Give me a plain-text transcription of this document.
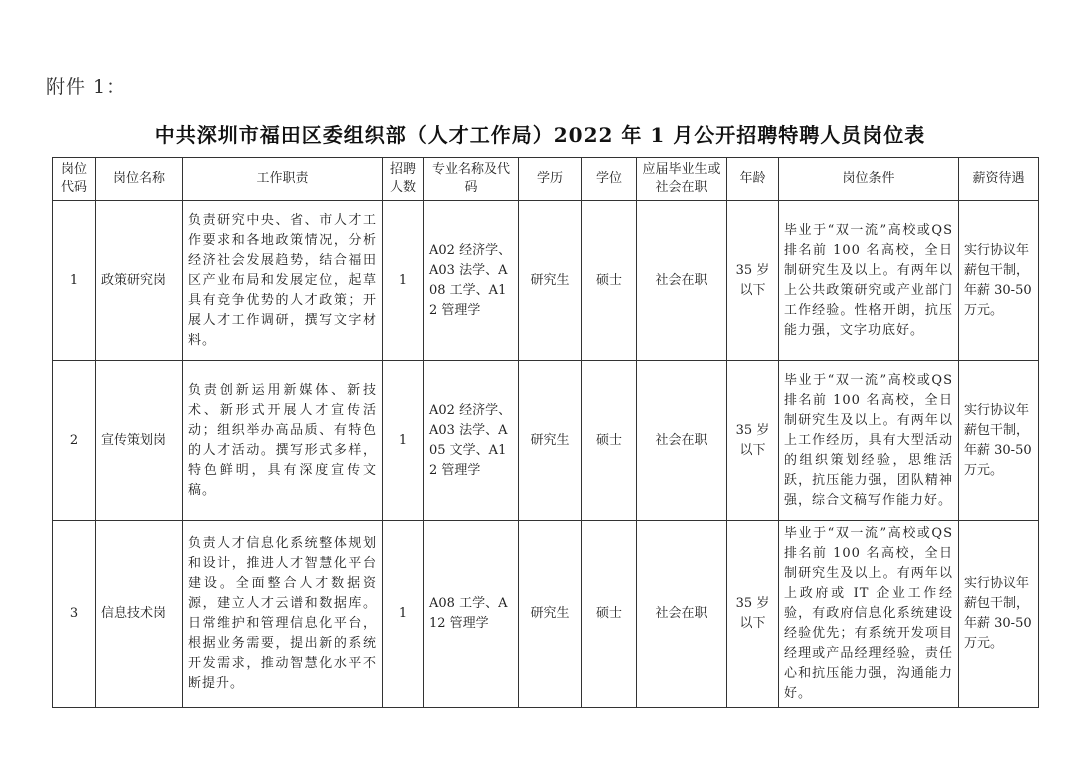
附件 1：
中共深圳市福田区委组织部（人才工作局）2022 年 1 月公开招聘特聘人员岗位表
岗位代码	岗位名称	工作职责	招聘人数	专业名称及代码	学历	学位	应届毕业生或社会在职	年龄	岗位条件	薪资待遇
1	政策研究岗	负责研究中央、省、市人才工作要求和各地政策情况，分析经济社会发展趋势，结合福田区产业布局和发展定位，起草具有竞争优势的人才政策；开展人才工作调研，撰写文字材料。	1	A02 经济学、A03 法学、A08 工学、A12 管理学	研究生	硕士	社会在职	35 岁以下	毕业于“双一流”高校或QS 排名前 100 名高校，全日制研究生及以上。有两年以上公共政策研究或产业部门工作经验。性格开朗，抗压能力强，文字功底好。	实行协议年薪包干制，年薪 30-50 万元。
2	宣传策划岗	负责创新运用新媒体、新技术、新形式开展人才宣传活动；组织举办高品质、有特色的人才活动。撰写形式多样，特色鲜明，具有深度宣传文稿。	1	A02 经济学、A03 法学、A05 文学、A12 管理学	研究生	硕士	社会在职	35 岁以下	毕业于“双一流”高校或QS 排名前 100 名高校，全日制研究生及以上。有两年以上工作经历，具有大型活动的组织策划经验，思维活跃，抗压能力强，团队精神强，综合文稿写作能力好。	实行协议年薪包干制，年薪 30-50 万元。
3	信息技术岗	负责人才信息化系统整体规划和设计，推进人才智慧化平台建设。全面整合人才数据资源，建立人才云谱和数据库。日常维护和管理信息化平台，根据业务需要，提出新的系统开发需求，推动智慧化水平不断提升。	1	A08 工学、A12 管理学	研究生	硕士	社会在职	35 岁以下	毕业于“双一流”高校或QS 排名前 100 名高校，全日制研究生及以上。有两年以上政府或 IT 企业工作经验，有政府信息化系统建设经验优先；有系统开发项目经理或产品经理经验，责任心和抗压能力强，沟通能力好。	实行协议年薪包干制，年薪 30-50 万元。
